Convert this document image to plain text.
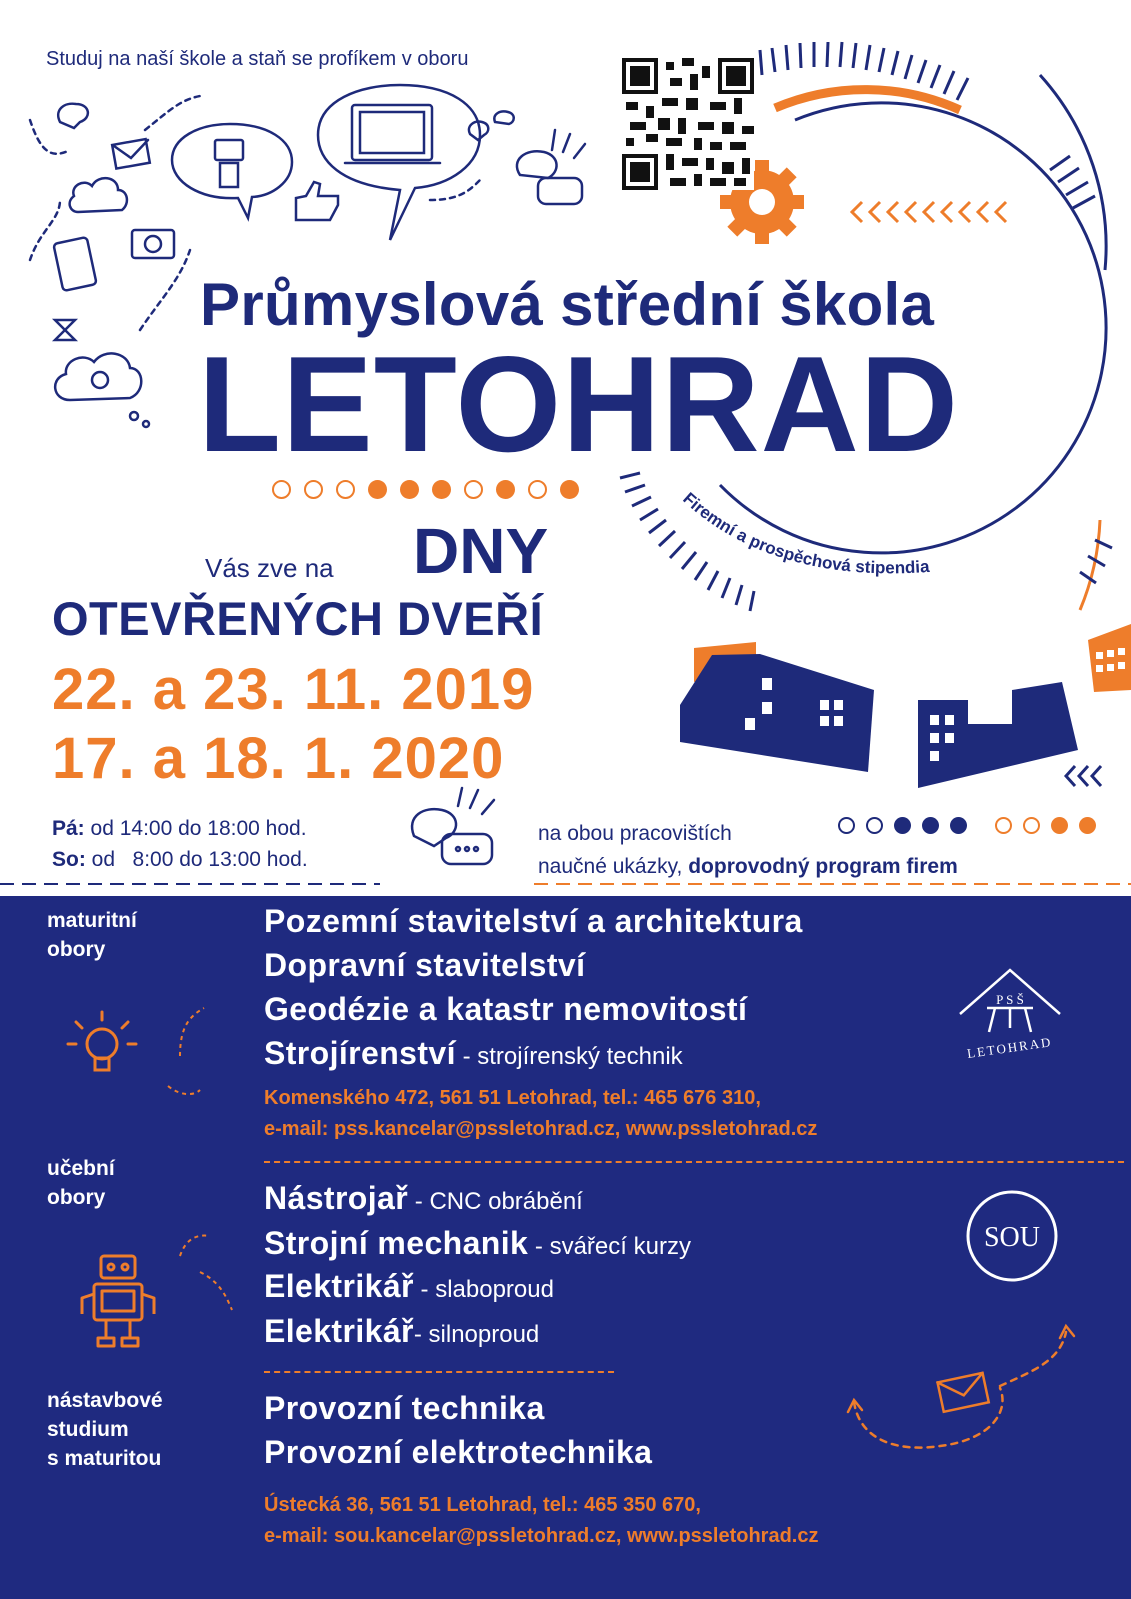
Studuj na naší škole a staň se profíkem v oboru
Průmyslová střední škola
LETOHRAD
Firemní a prospěchová stipendia
Vás zve na DNY
OTEVŘENÝCH DVEŘÍ
22. a 23. 11. 2019
17. a 18. 1. 2020
Pá: od 14:00 do 18:00 hod.
So: od   8:00 do 13:00 hod.
na obou pracovištích
naučné ukázky, doprovodný program firem
maturitní
obory
Pozemní stavitelství a architektura
Dopravní stavitelství
Geodézie a katastr nemovitostí
Strojírenství - strojírenský technik
Komenského 472, 561 51 Letohrad, tel.: 465 676 310,
e-mail: pss.kancelar@pssletohrad.cz, www.pssletohrad.cz
P S Š
LETOHRAD
učební
obory	Nástrojař - CNC obrábění
Strojní mechanik - svářecí kurzy
Elektrikář - slaboproud
Elektrikář- silnoproud
SOU
nástavbové
studium
s maturitou
Provozní technika
Provozní elektrotechnika
Ústecká 36, 561 51 Letohrad, tel.: 465 350 670,
e-mail: sou.kancelar@pssletohrad.cz, www.pssletohrad.cz
